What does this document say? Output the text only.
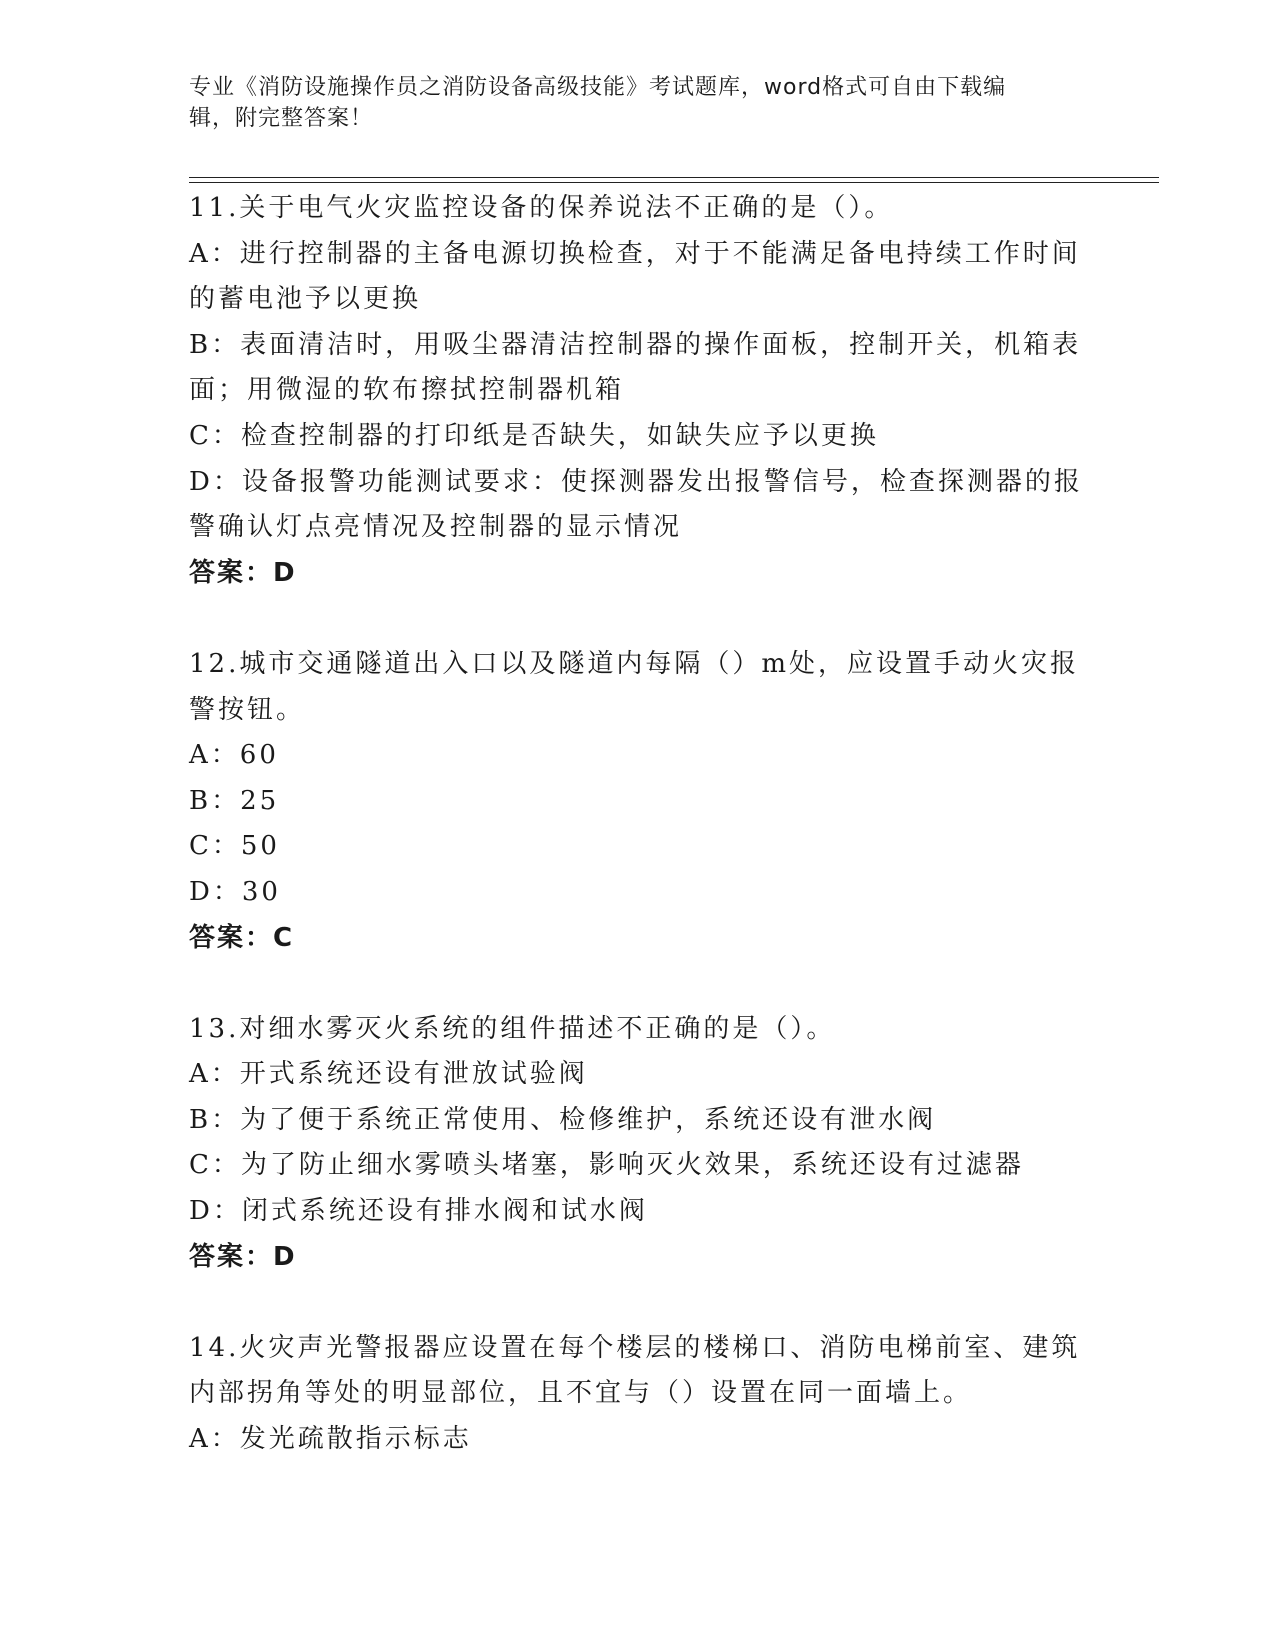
专业《消防设施操作员之消防设备高级技能》考试题库，word格式可自由下载编
辑，附完整答案！
11.关于电气火灾监控设备的保养说法不正确的是（）。
A：进行控制器的主备电源切换检查，对于不能满足备电持续工作时间
的蓄电池予以更换
B：表面清洁时，用吸尘器清洁控制器的操作面板，控制开关，机箱表
面；用微湿的软布擦拭控制器机箱
C：检查控制器的打印纸是否缺失，如缺失应予以更换
D：设备报警功能测试要求：使探测器发出报警信号，检查探测器的报
警确认灯点亮情况及控制器的显示情况
答案：D
12.城市交通隧道出入口以及隧道内每隔（）m处，应设置手动火灾报
警按钮。
A：60
B：25
C：50
D：30
答案：C
13.对细水雾灭火系统的组件描述不正确的是（）。
A：开式系统还设有泄放试验阀
B：为了便于系统正常使用、检修维护，系统还设有泄水阀
C：为了防止细水雾喷头堵塞，影响灭火效果，系统还设有过滤器
D：闭式系统还设有排水阀和试水阀
答案：D
14.火灾声光警报器应设置在每个楼层的楼梯口、消防电梯前室、建筑
内部拐角等处的明显部位，且不宜与（）设置在同一面墙上。
A：发光疏散指示标志
